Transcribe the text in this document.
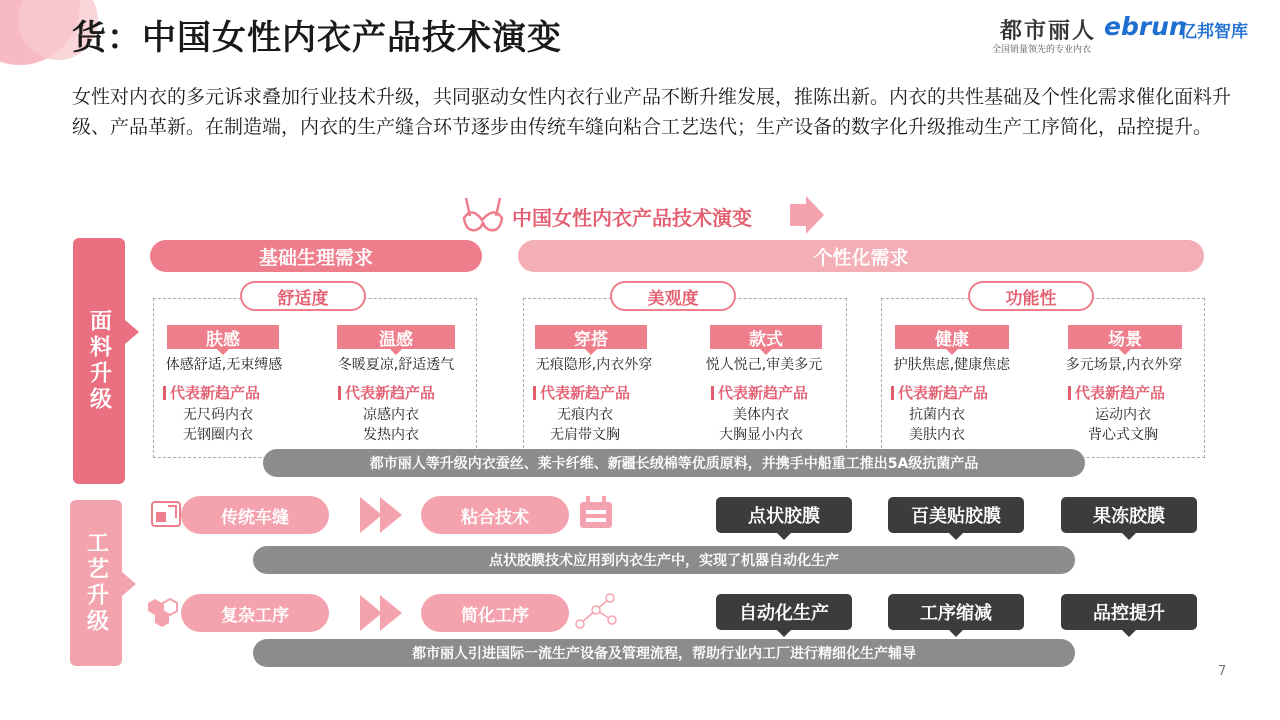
货：中国女性内衣产品技术演变	都市丽人
全国销量领先的专业内衣
ebrun
亿邦智库
女性对内衣的多元诉求叠加行业技术升级，共同驱动女性内衣行业产品不断升维发展，推陈出新。内衣的共性基础及个性化需求催化面料升级、产品革新。在制造端，内衣的生产缝合环节逐步由传统车缝向粘合工艺迭代；生产设备的数字化升级推动生产工序简化，品控提升。
中国女性内衣产品技术演变
面料升级
工艺升级
基础生理需求	个性化需求
舒适度	美观度	功能性
肤感
体感舒适,无束缚感
代表新趋产品
无尺码内衣
无钢圈内衣
温感
冬暖夏凉,舒适透气
代表新趋产品
凉感内衣
发热内衣
穿搭
无痕隐形,内衣外穿
代表新趋产品
无痕内衣
无肩带文胸
款式
悦人悦己,审美多元
代表新趋产品
美体内衣
大胸显小内衣
健康
护肤焦虑,健康焦虑
代表新趋产品
抗菌内衣
美肤内衣
场景
多元场景,内衣外穿
代表新趋产品
运动内衣
背心式文胸
都市丽人等升级内衣蚕丝、莱卡纤维、新疆长绒棉等优质原料，并携手中船重工推出5A级抗菌产品
传统车缝	粘合技术	点状胶膜	百美贴胶膜	果冻胶膜
点状胶膜技术应用到内衣生产中，实现了机器自动化生产
复杂工序	简化工序	自动化生产	工序缩减	品控提升
都市丽人引进国际一流生产设备及管理流程，帮助行业内工厂进行精细化生产辅导
7
